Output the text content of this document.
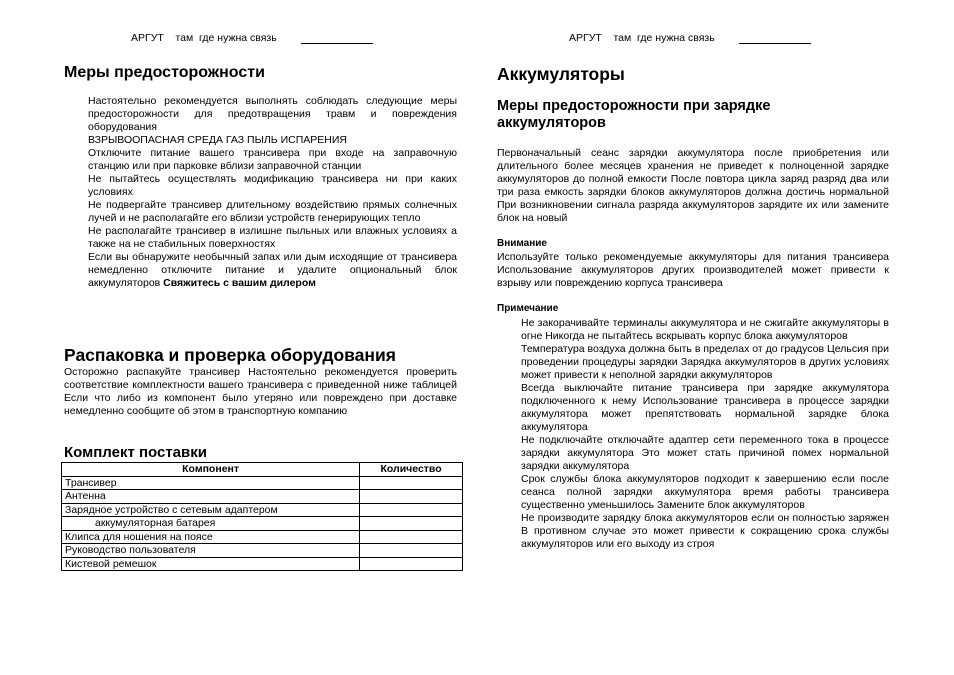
АРГУТ    там  где нужна связь
Меры предосторожности

Настоятельно рекомендуется выполнять соблюдать следующие меры предосторожности для предотвращения травм и повреждения оборудования

ВЗРЫВООПАСНАЯ СРЕДА ГАЗ ПЫЛЬ ИСПАРЕНИЯ

Отключите питание вашего трансивера при входе на заправочную станцию или при парковке вблизи заправочной станции

Не пытайтесь осуществлять модификацию трансивера ни при каких условиях

Не подвергайте трансивер длительному воздействию прямых солнечных лучей и не располагайте его вблизи устройств генерирующих тепло

Не располагайте трансивер в излишне пыльных или влажных условиях а также на не стабильных поверхностях

Если вы обнаружите необычный запах или дым исходящие от трансивера немедленно отключите питание и удалите опциональный блок аккумуляторов Свяжитесь с вашим дилером

Распаковка и проверка оборудования
Осторожно распакуйте трансивер Настоятельно рекомендуется проверить соответствие комплектности вашего трансивера с приведенной ниже таблицей Если что либо из компонент было утеряно или повреждено при доставке немедленно сообщите об этом в транспортную компанию
Комплект поставки
Компонент	Количество
Трансивер	
Антенна	
Зарядное устройство с сетевым адаптером	
аккумуляторная батарея	
Клипса для ношения на поясе	
Руководство пользователя	
Кистевой ремешок	
АРГУТ    там  где нужна связь
Аккумуляторы
Меры предосторожности при зарядке аккумуляторов
Первоначальный сеанс зарядки аккумулятора после приобретения или длительного более месяцев хранения не приведет к полноценной зарядке аккумуляторов до полной емкости После повтора цикла заряд разряд два или три раза емкость зарядки блоков аккумуляторов должна достичь нормальной При возникновении сигнала разряда аккумуляторов зарядите их или замените блок на новый
Внимание
Используйте только рекомендуемые аккумуляторы для питания трансивера Использование аккумуляторов других производителей может привести к взрыву или повреждению корпуса трансивера
Примечание

Не закорачивайте терминалы аккумулятора и не сжигайте аккумуляторы в огне Никогда не пытайтесь вскрывать корпус блока аккумуляторов

Температура воздуха должна быть в пределах от до градусов Цельсия при проведении процедуры зарядки Зарядка аккумуляторов в других условиях может привести к неполной зарядки аккумуляторов

Всегда выключайте питание трансивера при зарядке аккумулятора подключенного к нему Использование трансивера в процессе зарядки аккумулятора может препятствовать нормальной зарядке блока аккумулятора

Не подключайте отключайте адаптер сети переменного тока в процессе зарядки аккумулятора Это может стать причиной помех нормальной зарядки аккумулятора

Срок службы блока аккумуляторов подходит к завершению если после сеанса полной зарядки аккумулятора время работы трансивера существенно уменьшилось Замените блок аккумуляторов

Не производите зарядку блока аккумуляторов если он полностью заряжен В противном случае это может привести к сокращению срока службы аккумуляторов или его выходу из строя
